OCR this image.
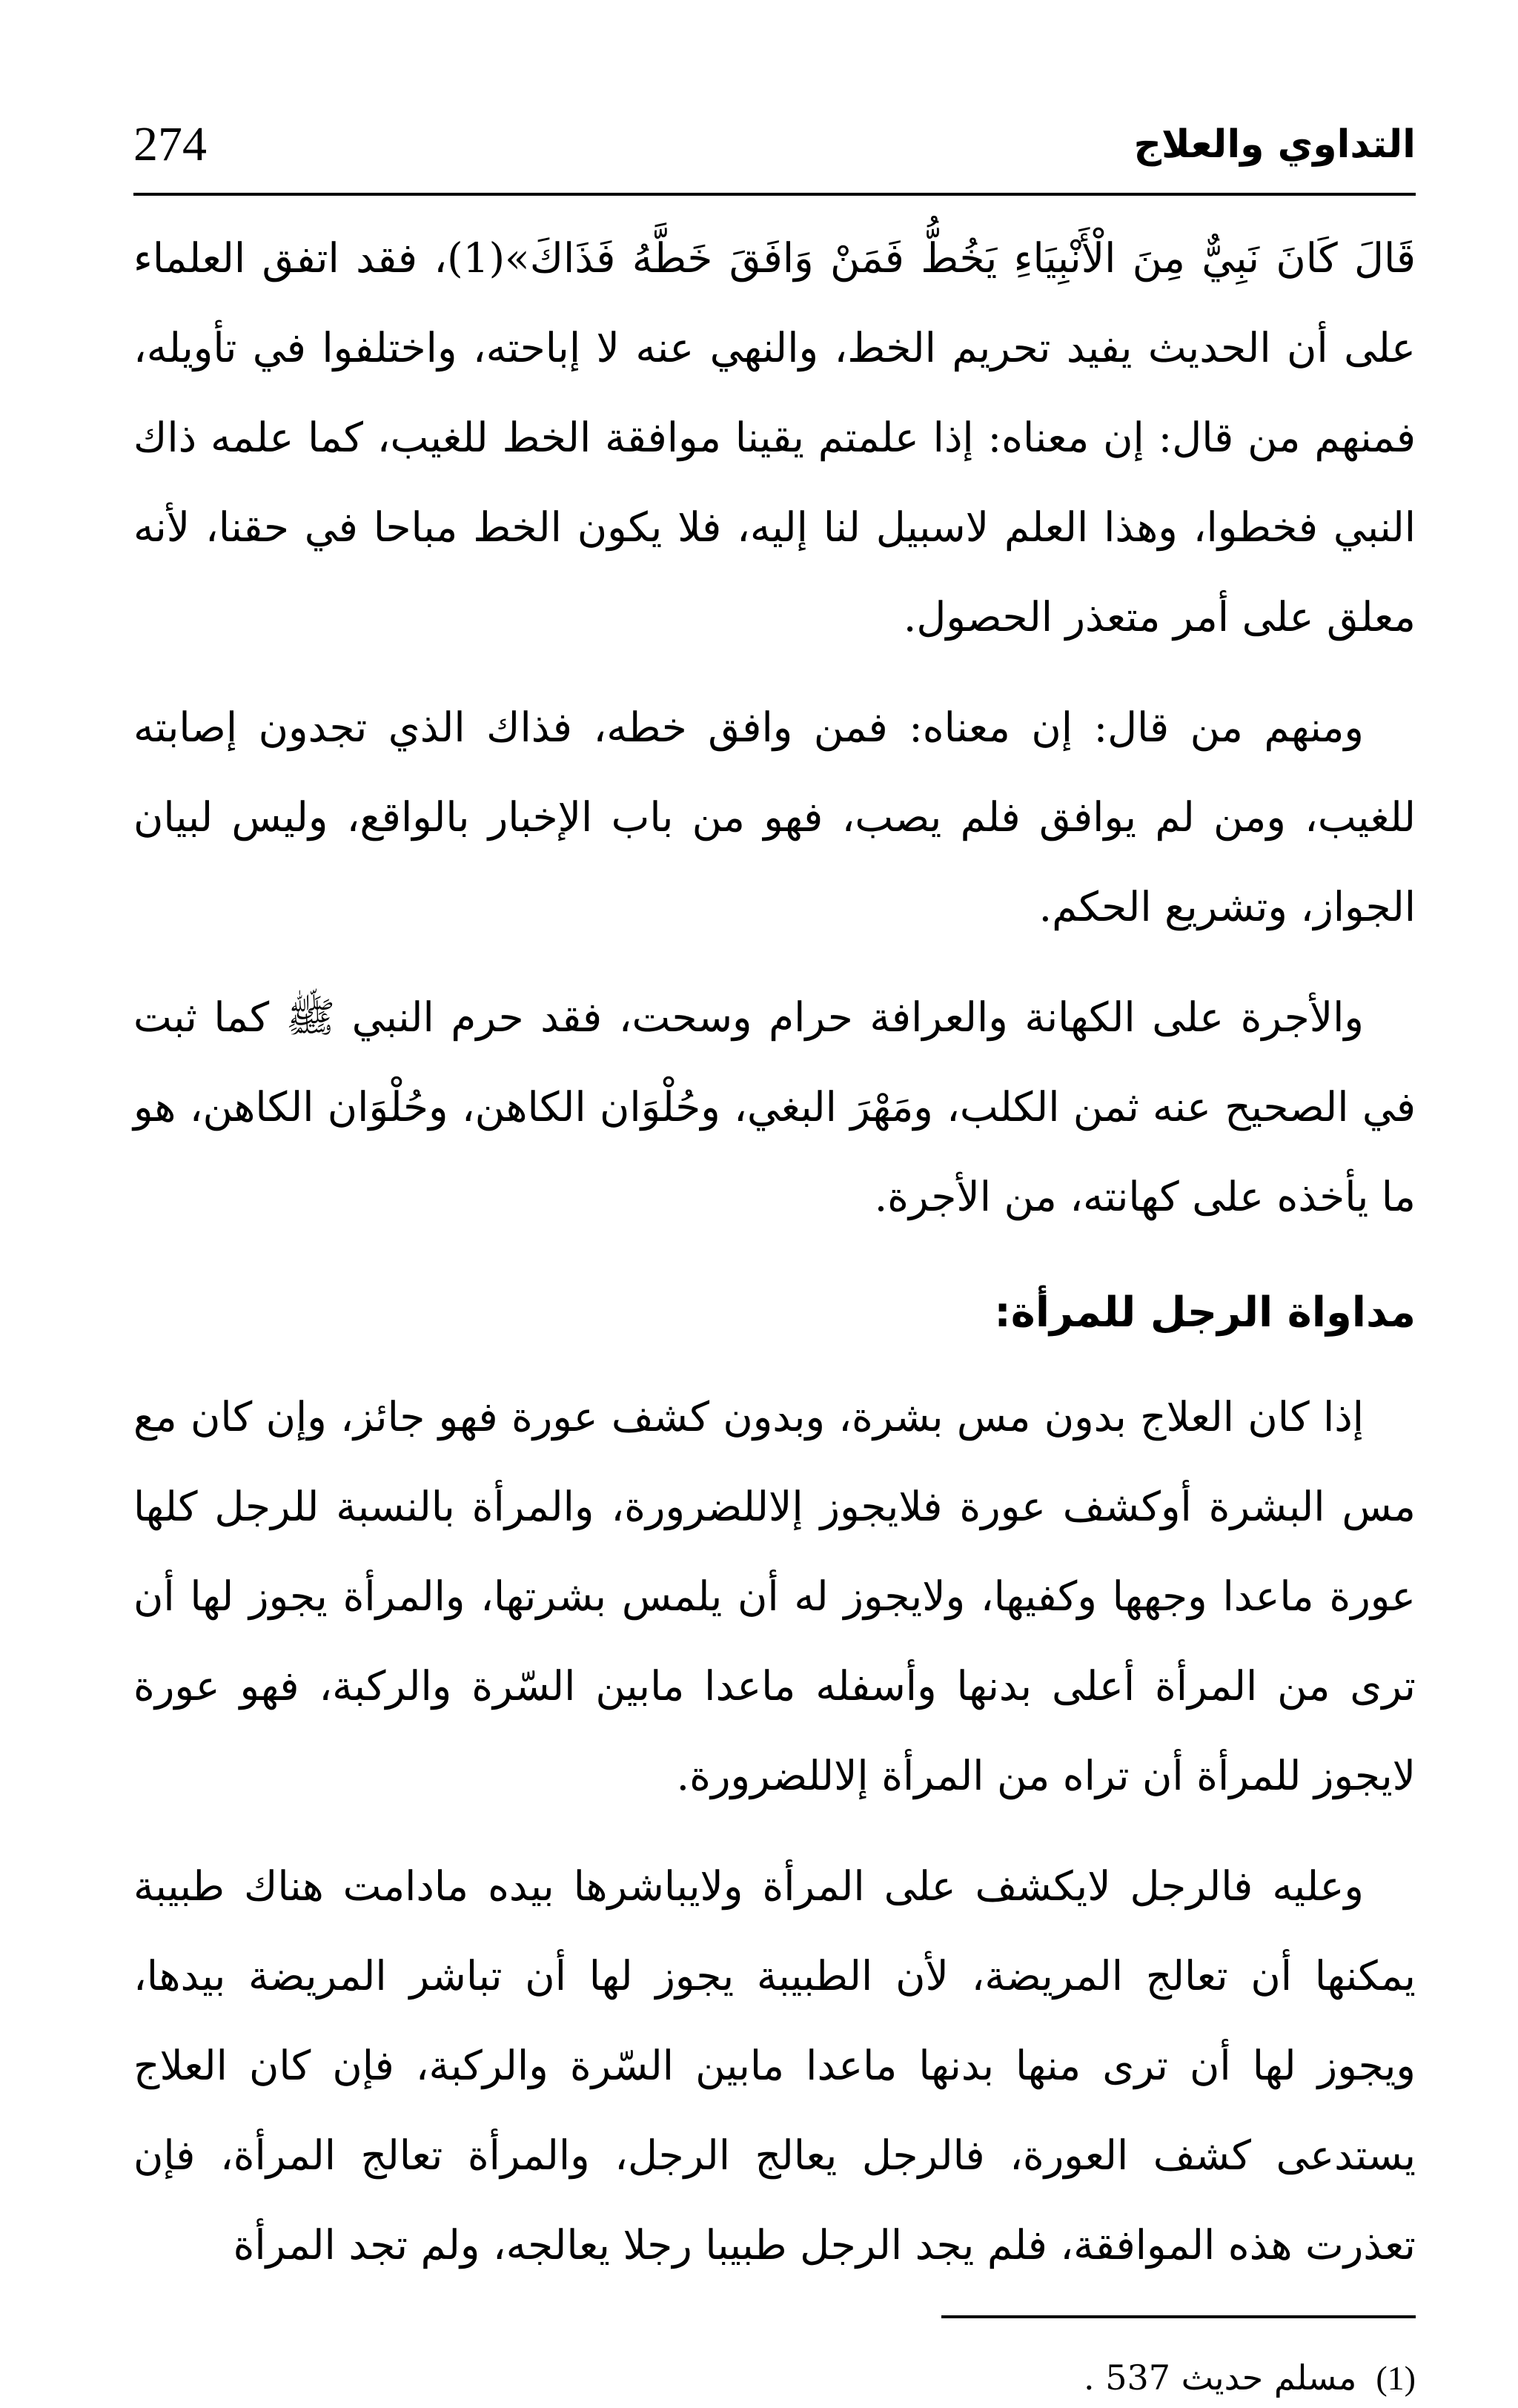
274	التداوي والعلاج

قَالَ كَانَ نَبِيٌّ مِنَ الْأَنْبِيَاءِ يَخُطُّ فَمَنْ وَافَقَ خَطَّهُ فَذَاكَ»(1)، فقد اتفق العلماء على أن الحديث يفيد تحريم الخط، والنهي عنه لا إباحته، واختلفوا في تأويله، فمنهم من قال: إن معناه: إذا علمتم يقينا موافقة الخط للغيب، كما علمه ذاك النبي فخطوا، وهذا العلم لاسبيل لنا إليه، فلا يكون الخط مباحا في حقنا، لأنه معلق على أمر متعذر الحصول.

ومنهم من قال: إن معناه: فمن وافق خطه، فذاك الذي تجدون إصابته للغيب، ومن لم يوافق فلم يصب، فهو من باب الإخبار بالواقع، وليس لبيان الجواز، وتشريع الحكم.

والأجرة على الكهانة والعرافة حرام وسحت، فقد حرم النبي ﷺ كما ثبت في الصحيح عنه ثمن الكلب، ومَهْرَ البغي، وحُلْوَان الكاهن، وحُلْوَان الكاهن، هو ما يأخذه على كهانته، من الأجرة.

مداواة الرجل للمرأة:

إذا كان العلاج بدون مس بشرة، وبدون كشف عورة فهو جائز، وإن كان مع مس البشرة أوكشف عورة فلايجوز إلاللضرورة، والمرأة بالنسبة للرجل كلها عورة ماعدا وجهها وكفيها، ولايجوز له أن يلمس بشرتها، والمرأة يجوز لها أن ترى من المرأة أعلى بدنها وأسفله ماعدا مابين السّرة والركبة، فهو عورة لايجوز للمرأة أن تراه من المرأة إلاللضرورة.

وعليه فالرجل لايكشف على المرأة ولايباشرها بيده مادامت هناك طبيبة يمكنها أن تعالج المريضة، لأن الطبيبة يجوز لها أن تباشر المريضة بيدها، ويجوز لها أن ترى منها بدنها ماعدا مابين السّرة والركبة، فإن كان العلاج يستدعى كشف العورة، فالرجل يعالج الرجل، والمرأة تعالج المرأة، فإن تعذرت هذه الموافقة، فلم يجد الرجل طبيبا رجلا يعالجه، ولم تجد المرأة

(1)مسلم حديث 537 .
